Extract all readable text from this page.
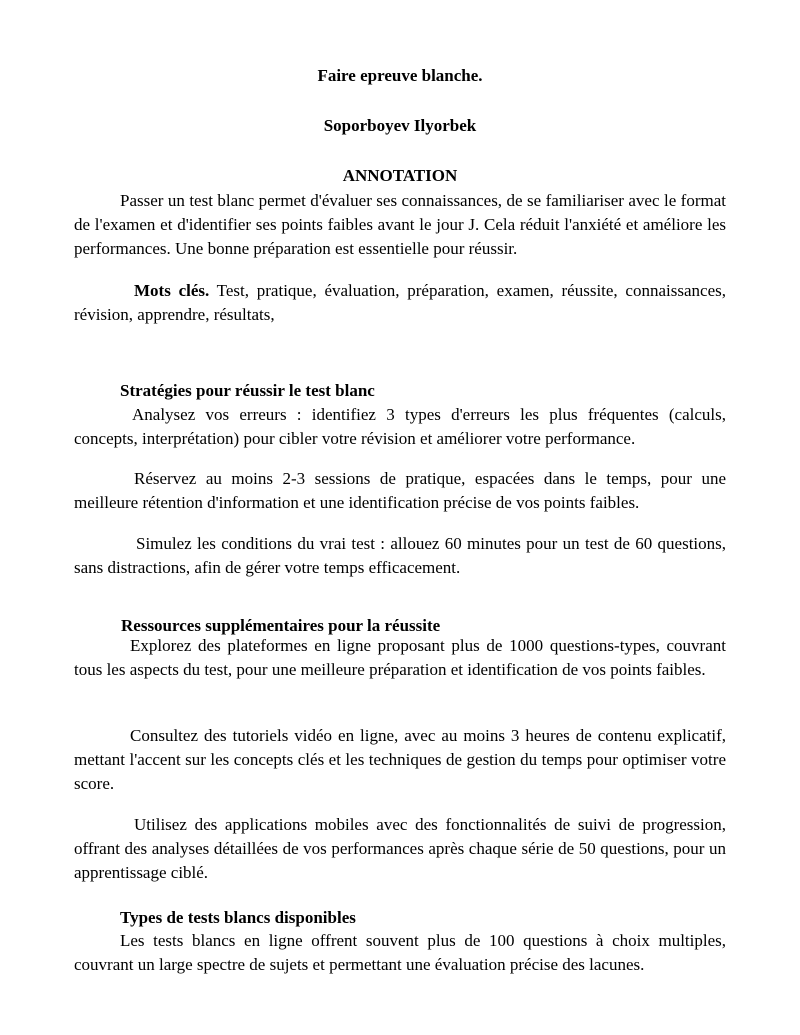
Faire epreuve blanche.
Soporboyev Ilyorbek
ANNOTATION

Passer un test blanc permet d'évaluer ses connaissances, de se familiariser avec le format de l'examen et d'identifier ses points faibles avant le jour J. Cela réduit l'anxiété et améliore les performances. Une bonne préparation est essentielle pour réussir.

Mots clés. Test, pratique, évaluation, préparation, examen, réussite, connaissances, révision, apprendre, résultats,

Stratégies pour réussir le test blanc

Analysez vos erreurs : identifiez 3 types d'erreurs les plus fréquentes (calculs, concepts, interprétation) pour cibler votre révision et améliorer votre performance.

Réservez au moins 2-3 sessions de pratique, espacées dans le temps, pour une meilleure rétention d'information et une identification précise de vos points faibles.

Simulez les conditions du vrai test : allouez 60 minutes pour un test de 60 questions, sans distractions, afin de gérer votre temps efficacement.

Ressources supplémentaires pour la réussite

Explorez des plateformes en ligne proposant plus de 1000 questions-types, couvrant tous les aspects du test, pour une meilleure préparation et identification de vos points faibles.

Consultez des tutoriels vidéo en ligne, avec au moins 3 heures de contenu explicatif, mettant l'accent sur les concepts clés et les techniques de gestion du temps pour optimiser votre score.

Utilisez des applications mobiles avec des fonctionnalités de suivi de progression, offrant des analyses détaillées de vos performances après chaque série de 50 questions, pour un apprentissage ciblé.

Types de tests blancs disponibles

Les tests blancs en ligne offrent souvent plus de 100 questions à choix multiples, couvrant un large spectre de sujets et permettant une évaluation précise des lacunes.
